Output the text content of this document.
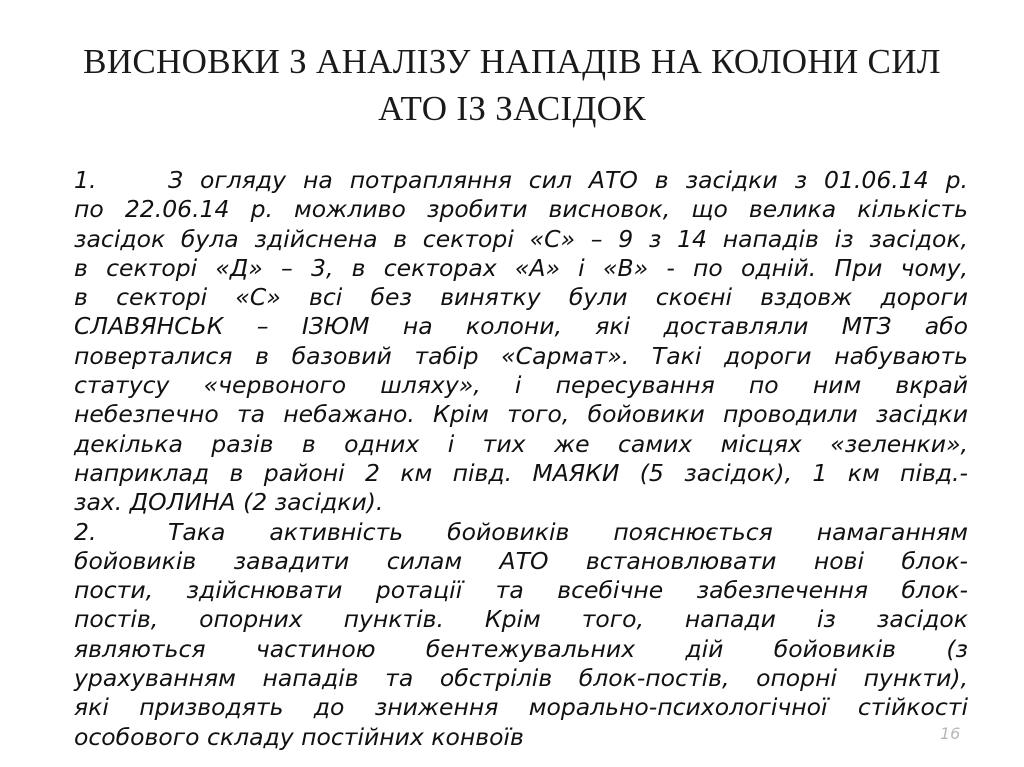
ВИСНОВКИ З АНАЛІЗУ НАПАДІВ НА КОЛОНИ СИЛ
АТО ІЗ ЗАСІДОК
1.	З огляду на потрапляння сил АТО в засідки з 01.06.14 р.
по 22.06.14 р. можливо зробити висновок, що велика кількість
засідок була здійснена в секторі «С» – 9 з 14 нападів із засідок,
в секторі «Д» – 3, в секторах «А» і «В» - по одній. При чому,
в секторі «С» всі без винятку були скоєні вздовж дороги
СЛАВЯНСЬК – ІЗЮМ на колони, які доставляли МТЗ або
поверталися в базовий табір «Сармат». Такі дороги набувають
статусу «червоного шляху», і пересування по ним вкрай
небезпечно та небажано. Крім того, бойовики проводили засідки
декілька разів в одних і тих же самих місцях «зеленки»,
наприклад в районі 2 км півд. МАЯКИ (5 засідок), 1 км півд.-
зах. ДОЛИНА (2 засідки).
2.	Така активність бойовиків пояснюється намаганням
бойовиків завадити силам АТО встановлювати нові блок-
пости, здійснювати ротації та всебічне забезпечення блок-
постів, опорних пунктів. Крім того, напади із засідок
являються частиною бентежувальних дій бойовиків (з
урахуванням нападів та обстрілів блок-постів, опорні пункти),
які призводять до зниження морально-психологічної стійкості
особового складу постійних конвоїв	16
